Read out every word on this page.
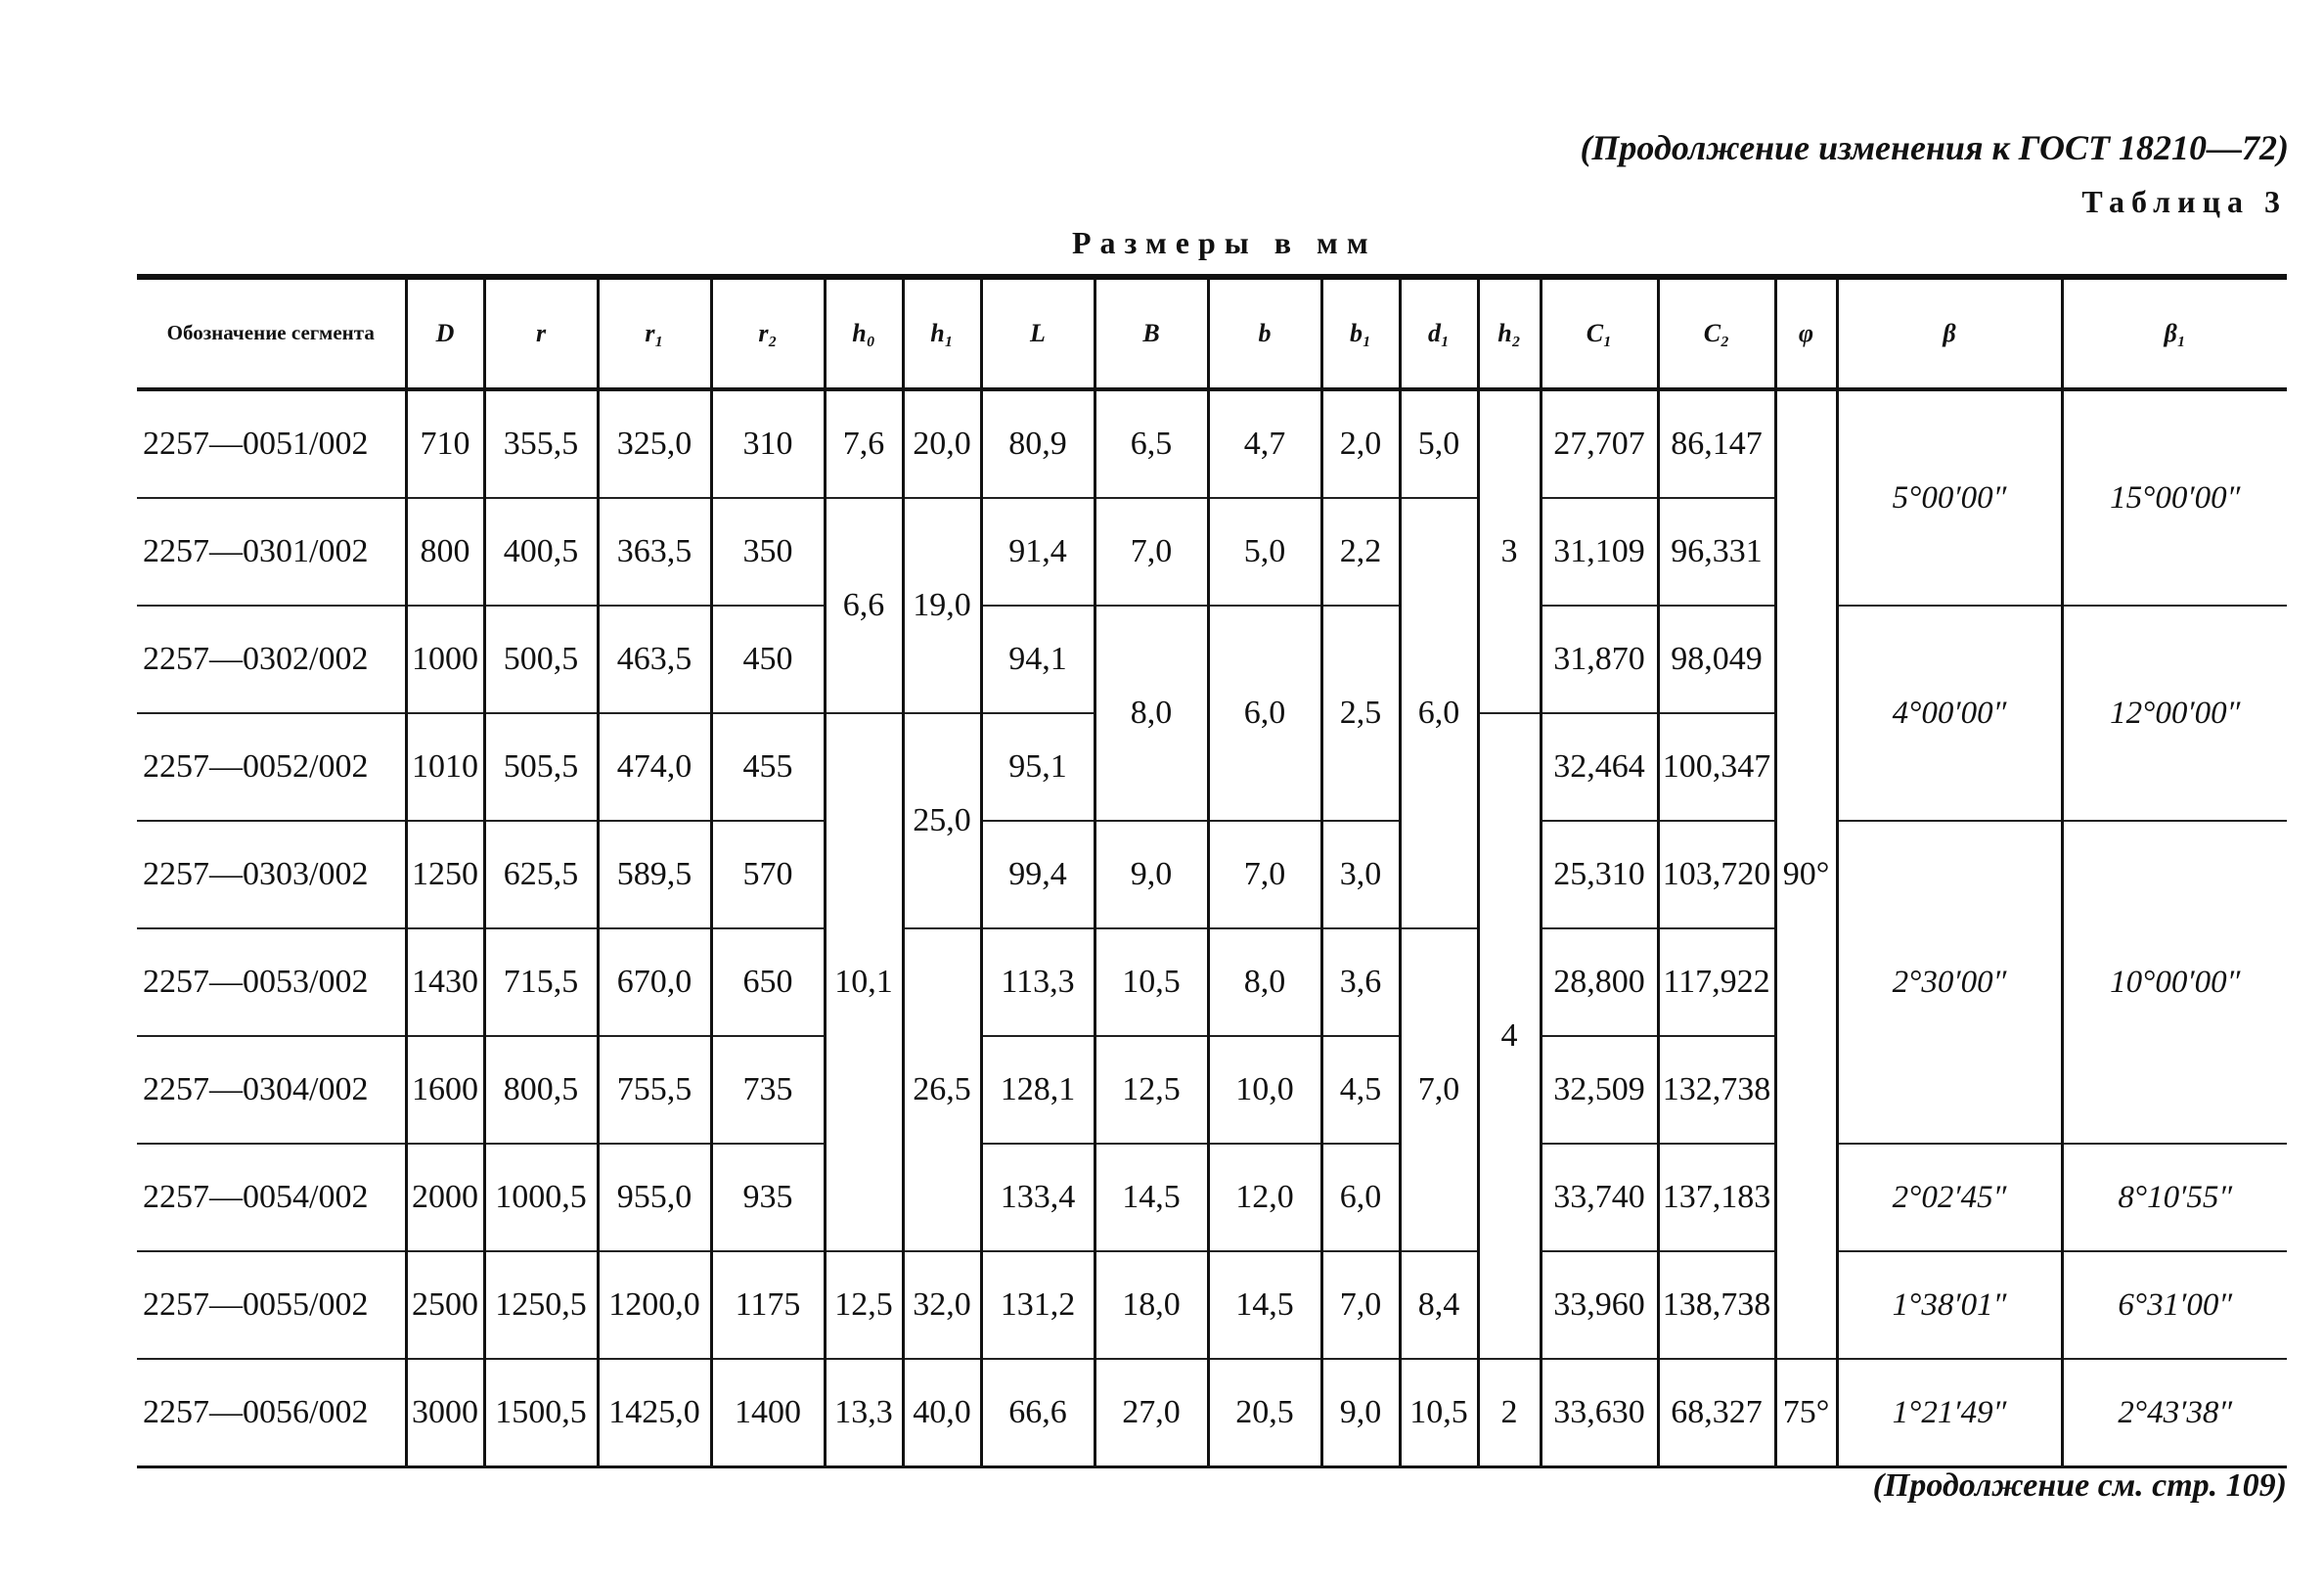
(Продолжение изменения к ГОСТ 18210—72)
Таблица 3
Размеры в мм
Обозначение сегмента	D	r	r₁	r₂	h₀	h₁	L	B	b	b₁	d₁	h₂	C₁	C₂	φ	β	β₁
2257—0051/002	710	355,5	325,0	310	7,6	20,0	80,9	6,5	4,7	2,0	5,0	3	27,707	86,147	90°	5°00′00″	15°00′00″
2257—0301/002	800	400,5	363,5	350	6,6	19,0	91,4	7,0	5,0	2,2	6,0		31,109	96,331			
2257—0302/002	1000	500,5	463,5	450			94,1	8,0	6,0	2,5			31,870	98,049		4°00′00″	12°00′00″
2257—0052/002	1010	505,5	474,0	455	10,1	25,0	95,1					4	32,464	100,347			
2257—0303/002	1250	625,5	589,5	570			99,4	9,0	7,0	3,0			25,310	103,720		2°30′00″	10°00′00″
2257—0053/002	1430	715,5	670,0	650		26,5	113,3	10,5	8,0	3,6	7,0		28,800	117,922			
2257—0304/002	1600	800,5	755,5	735			128,1	12,5	10,0	4,5			32,509	132,738			
2257—0054/002	2000	1000,5	955,0	935			133,4	14,5	12,0	6,0			33,740	137,183		2°02′45″	8°10′55″
2257—0055/002	2500	1250,5	1200,0	1175	12,5	32,0	131,2	18,0	14,5	7,0	8,4		33,960	138,738		1°38′01″	6°31′00″
2257—0056/002	3000	1500,5	1425,0	1400	13,3	40,0	66,6	27,0	20,5	9,0	10,5	2	33,630	68,327	75°	1°21′49″	2°43′38″
(Продолжение см. стр. 109)
